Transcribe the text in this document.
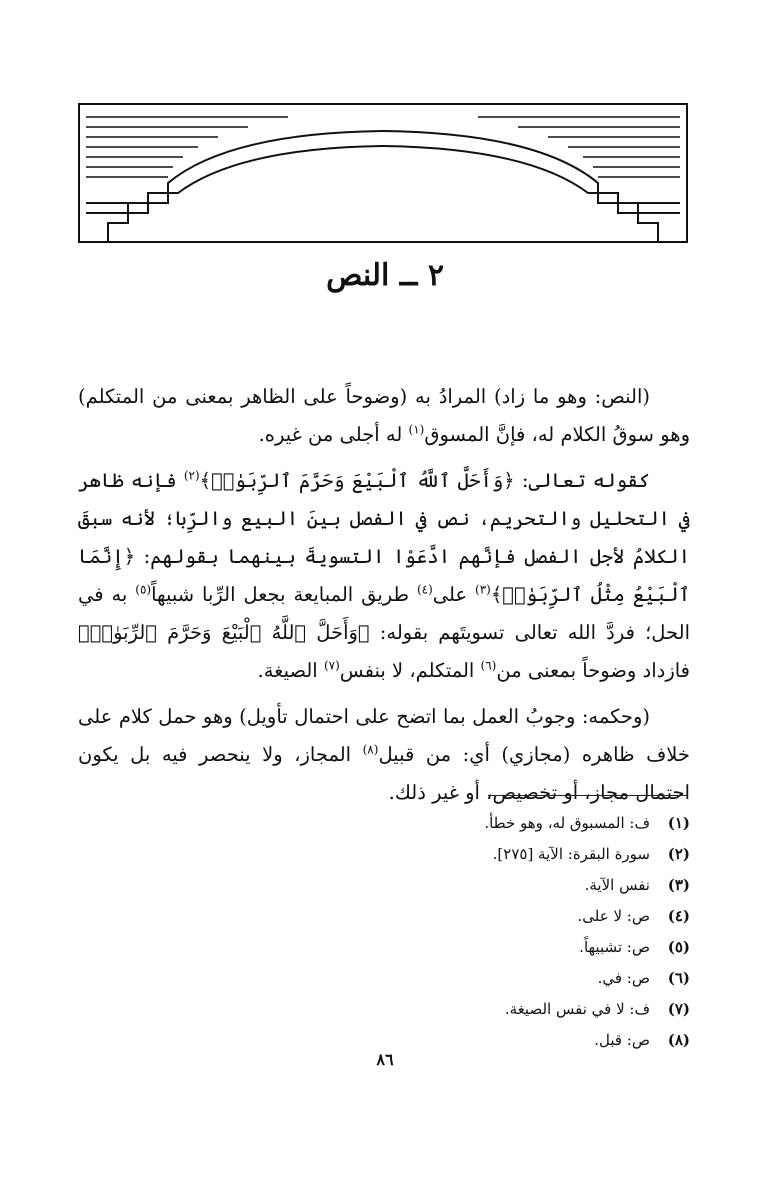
٢ ــ النص

(النص: وهو ما زاد) المرادُ به (وضوحاً على الظاهر بمعنى من المتكلم) وهو سوقُ الكلام له، فإنَّ المسوق$^{(١)}$ له أجلى من غيره.

كقوله تعالى: ﴿وَأَحَلَّ ٱللَّهُ ٱلْبَيْعَ وَحَرَّمَ ٱلرِّبَوٰا۟﴾$^{(٢)}$ فإنه ظاهر في التحليل والتحريم، نص في الفصل بينَ البيع والرِّبا؛ لأنه سبقَ الكلامُ لأجل الفصل فإنَّهم ادَّعَوْا التسويةَ بينهما بقولهم: ﴿إِنَّمَا ٱلْبَيْعُ مِثْلُ ٱلرِّبَوٰا۟﴾$^{(٣)}$ على$^{(٤)}$ طريق المبايعة بجعل الرِّبا شبيهاً$^{(٥)}$ به في الحل؛ فردَّ الله تعالى تسويتَهم بقوله: ﴿وَأَحَلَّ ٱللَّهُ ٱلْبَيْعَ وَحَرَّمَ ٱلرِّبَوٰا۟﴾ فازداد وضوحاً بمعنى من$^{(٦)}$ المتكلم، لا بنفس$^{(٧)}$ الصيغة.

(وحكمه: وجوبُ العمل بما اتضح على احتمال تأويل) وهو حمل كلام على خلاف ظاهره (مجازي) أي: من قبيل$^{(٨)}$ المجاز، ولا ينحصر فيه بل يكون احتمال مجاز، أو تخصيص، أو غير ذلك.

(١)
ف: المسبوق له، وهو خطأ.
(٢)
سورة البقرة: الآية [٢٧٥].
(٣)
نفس الآية.
(٤)
ص: لا على.
(٥)
ص: تشبيهاً.
(٦)
ص: في.
(٧)
ف: لا في نفس الصيغة.
(٨)
ص: قبل.
٨٦
